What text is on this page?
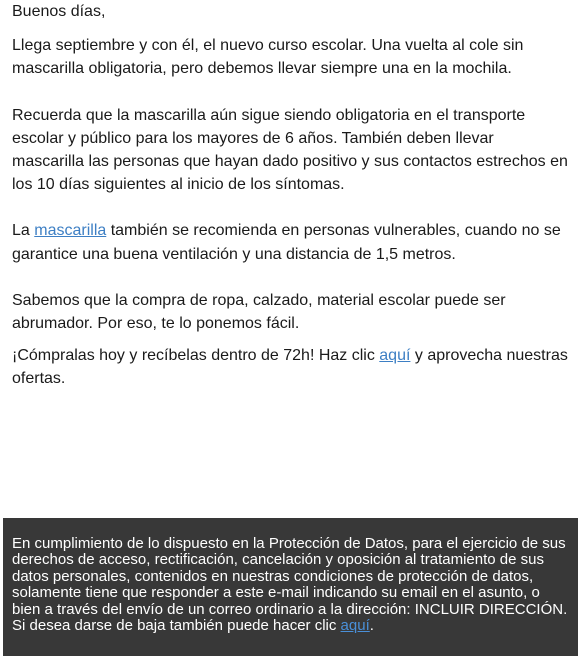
Buenos días,

Llega septiembre y con él, el nuevo curso escolar. Una vuelta al cole sin mascarilla obligatoria, pero debemos llevar siempre una en la mochila.

Recuerda que la mascarilla aún sigue siendo obligatoria en el transporte escolar y público para los mayores de 6 años. También deben llevar mascarilla las personas que hayan dado positivo y sus contactos estrechos en los 10 días siguientes al inicio de los síntomas.

La mascarilla también se recomienda en personas vulnerables, cuando no se garantice una buena ventilación y una distancia de 1,5 metros.

Sabemos que la compra de ropa, calzado, material escolar puede ser abrumador. Por eso, te lo ponemos fácil.

¡Cómpralas hoy y recíbelas dentro de 72h! Haz clic aquí y aprovecha nuestras ofertas.

En cumplimiento de lo dispuesto en la Protección de Datos, para el ejercicio de sus derechos de acceso, rectificación, cancelación y oposición al tratamiento de sus datos personales, contenidos en nuestras condiciones de protección de datos, solamente tiene que responder a este e-mail indicando su email en el asunto, o bien a través del envío de un correo ordinario a la dirección: INCLUIR DIRECCIÓN. Si desea darse de baja también puede hacer clic aquí.
